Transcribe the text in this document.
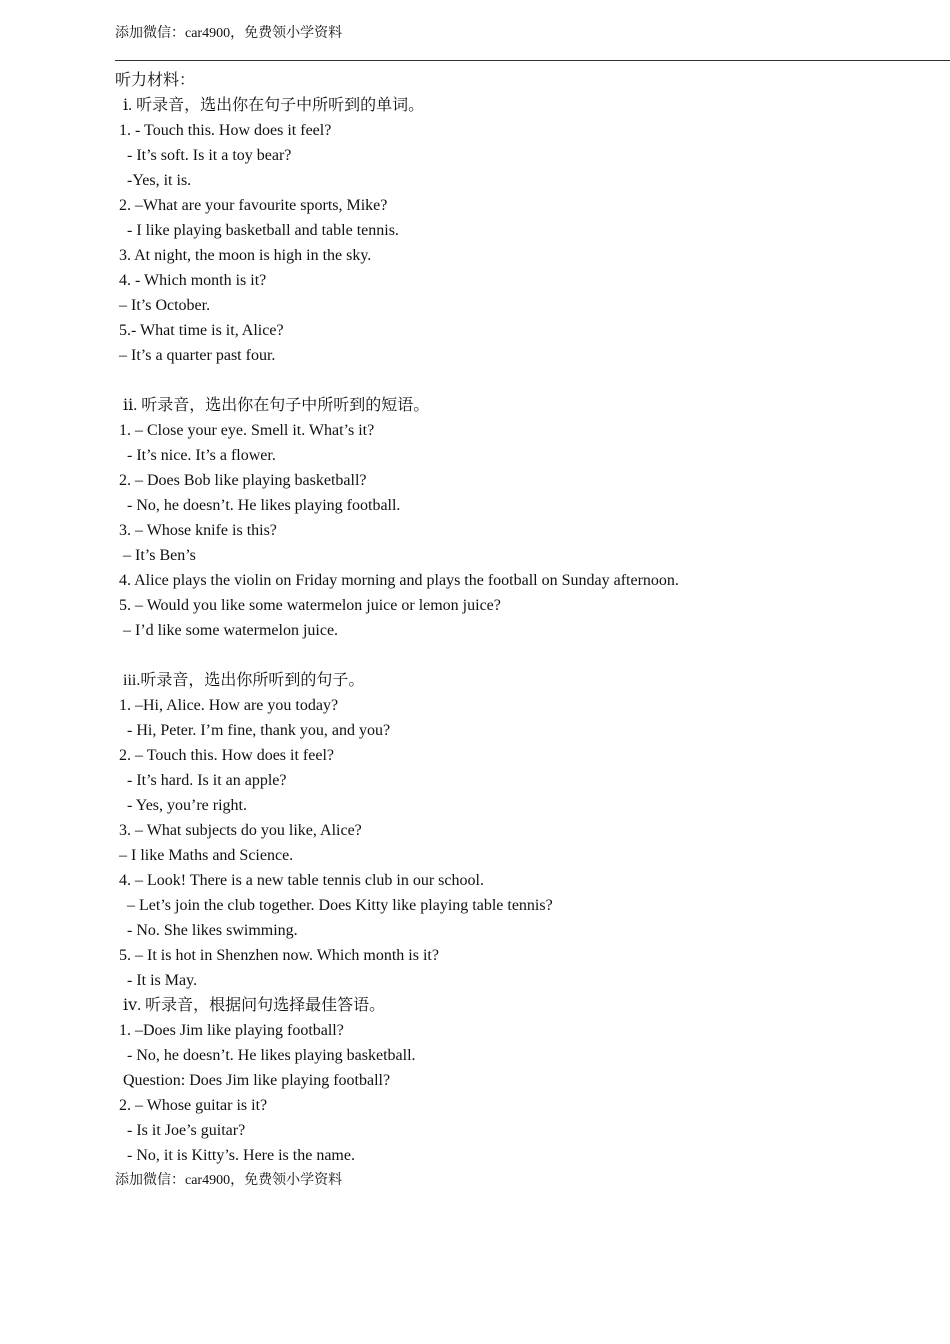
添加微信：car4900，免费领小学资料
听力材料：
ⅰ. 听录音，选出你在句子中所听到的单词。
1. - Touch this. How does it feel?
- It’s soft. Is it a toy bear?
-Yes, it is.
2. –What are your favourite sports, Mike?
- I like playing basketball and table tennis.
3. At night, the moon is high in the sky.
4. - Which month is it?
– It’s October.
5.- What time is it, Alice?
– It’s a quarter past four.
ⅱ. 听录音，选出你在句子中所听到的短语。
1. – Close your eye. Smell it. What’s it?
- It’s nice. It’s a flower.
2. – Does Bob like playing basketball?
- No, he doesn’t. He likes playing football.
3. – Whose knife is this?
– It’s Ben’s
4. Alice plays the violin on Friday morning and plays the football on Sunday afternoon.
5. – Would you like some watermelon juice or lemon juice?
– I’d like some watermelon juice.
iii.听录音，选出你所听到的句子。
1. –Hi, Alice. How are you today?
- Hi, Peter. I’m fine, thank you, and you?
2. – Touch this. How does it feel?
- It’s hard. Is it an apple?
- Yes, you’re right.
3. – What subjects do you like, Alice?
– I like Maths and Science.
4. – Look! There is a new table tennis club in our school.
– Let’s join the club together. Does Kitty like playing table tennis?
- No. She likes swimming.
5. – It is hot in Shenzhen now. Which month is it?
- It is May.
ⅳ. 听录音，根据问句选择最佳答语。
1. –Does Jim like playing football?
- No, he doesn’t. He likes playing basketball.
Question: Does Jim like playing football?
2. – Whose guitar is it?
- Is it Joe’s guitar?
- No, it is Kitty’s. Here is the name.
添加微信：car4900，免费领小学资料
